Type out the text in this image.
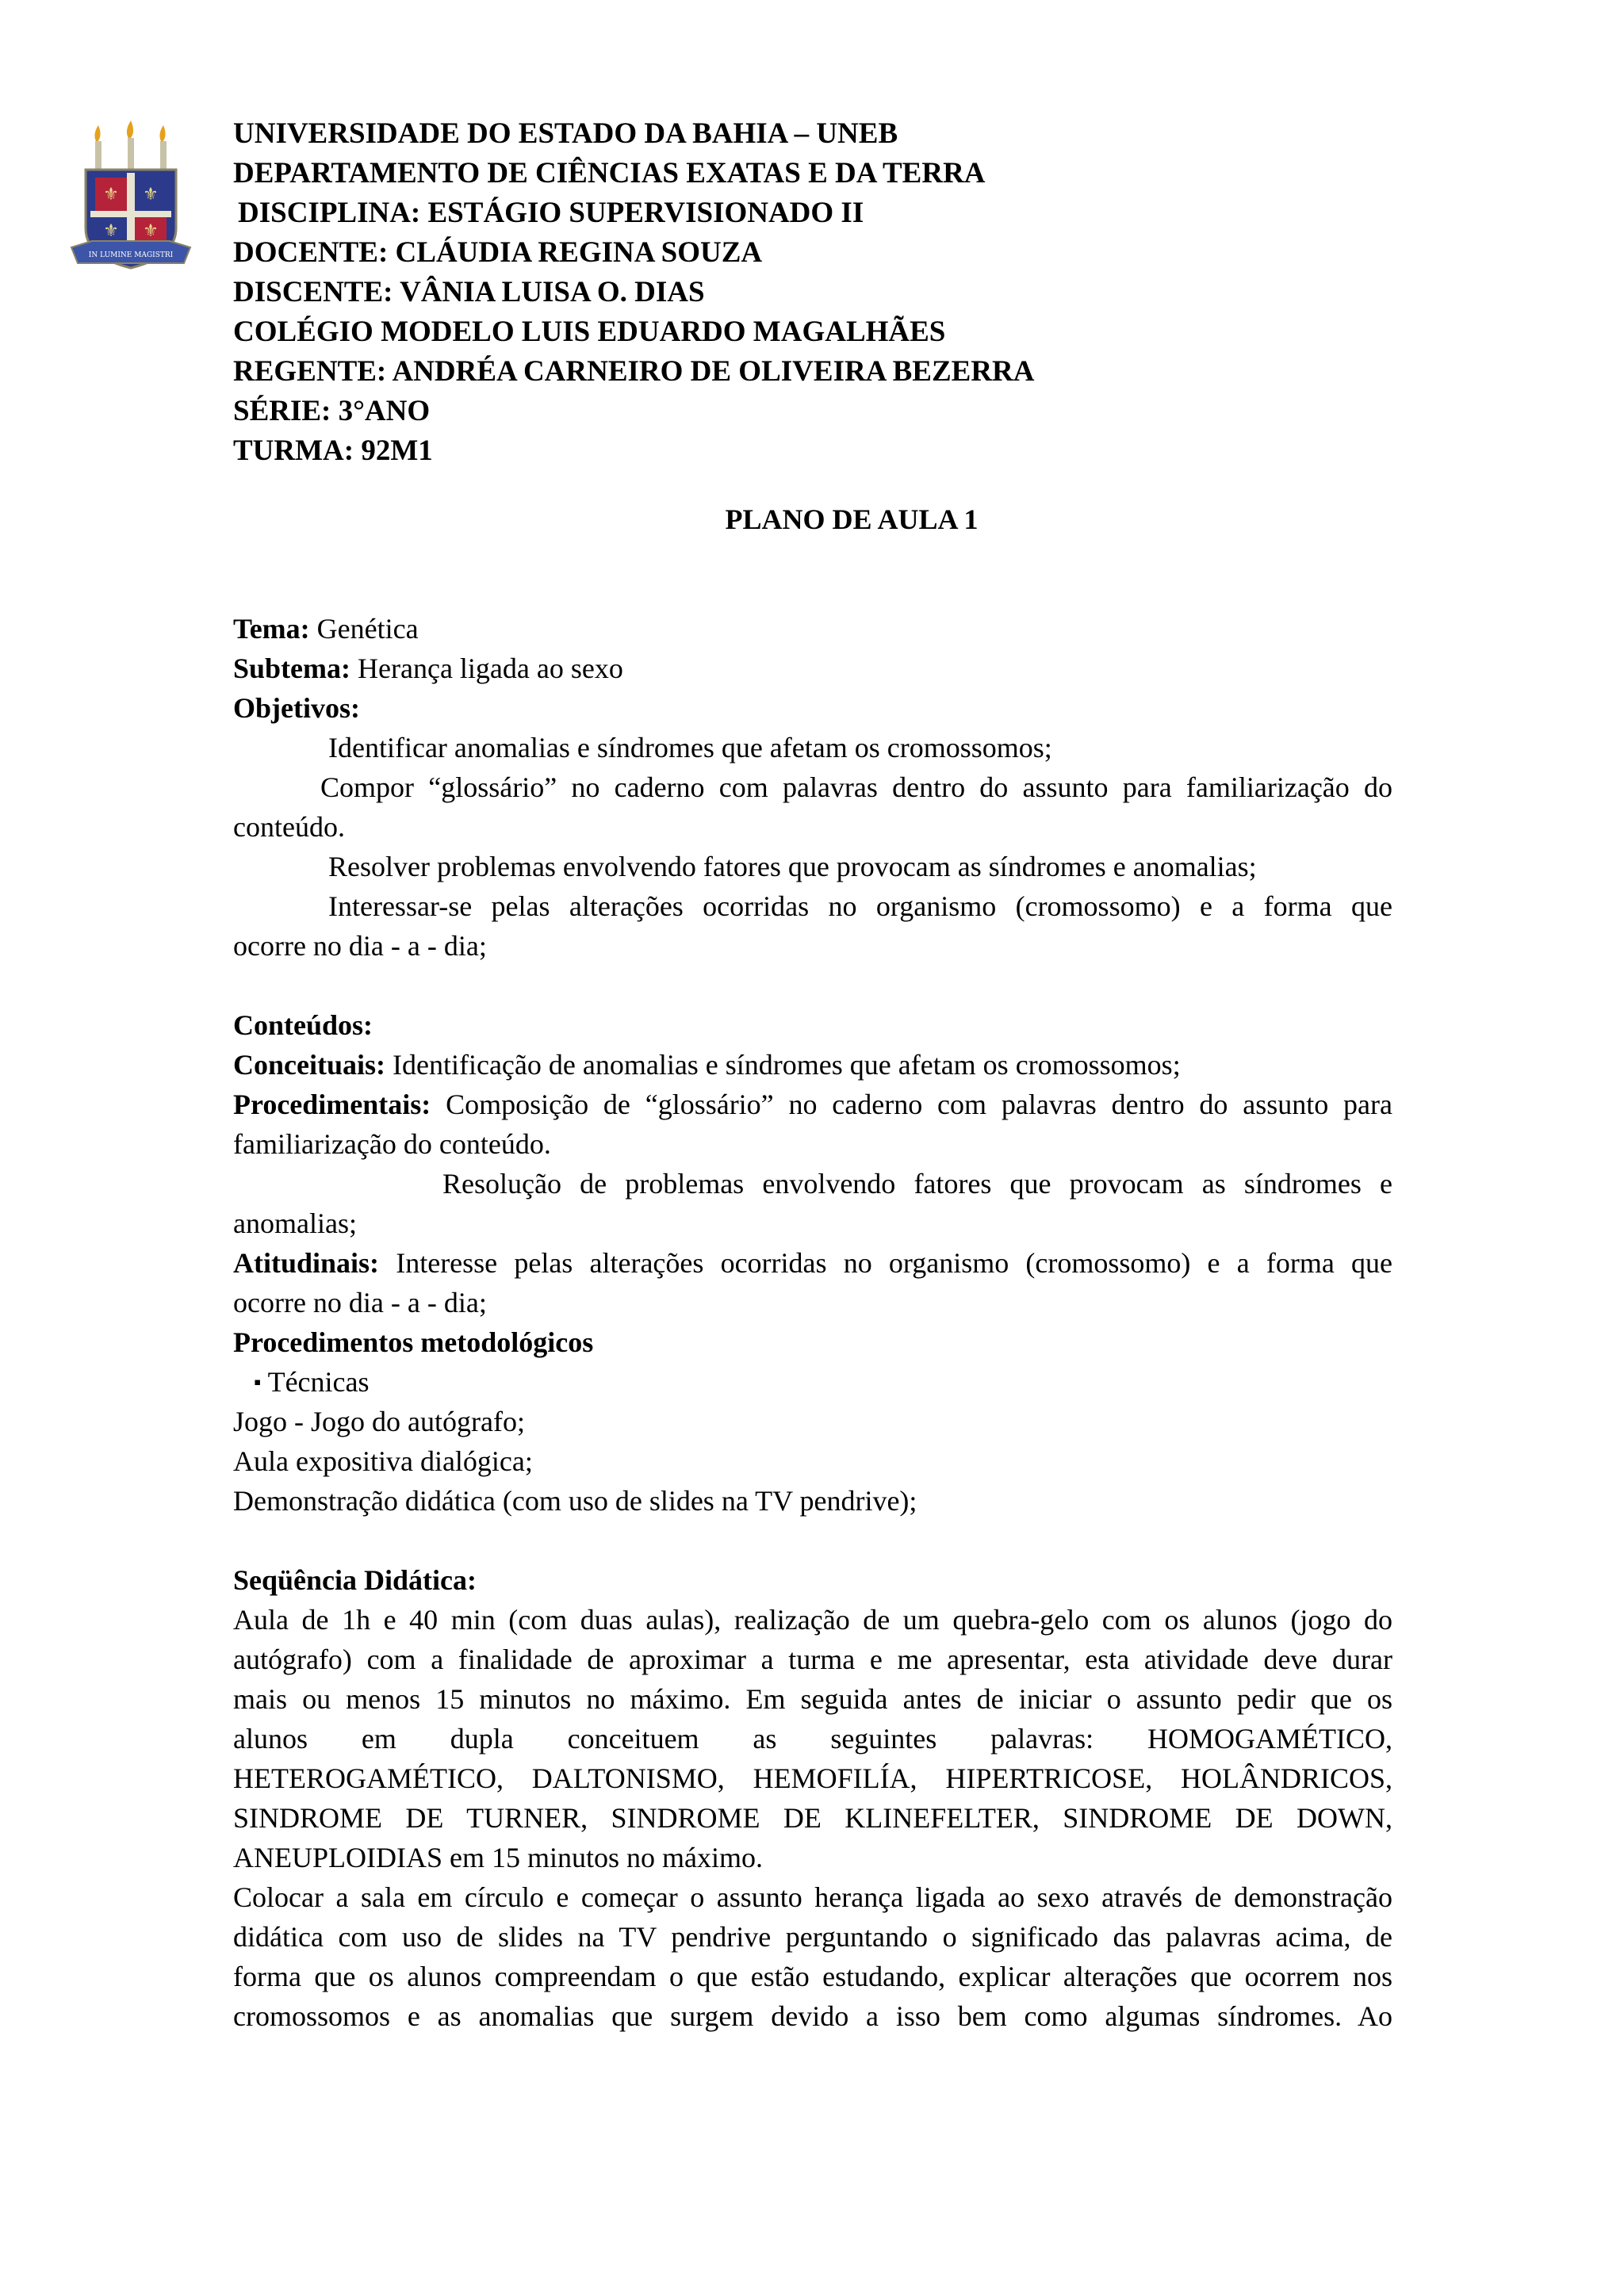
⚜ ⚜
⚜ ⚜
IN LUMINE MAGISTRI
UNIVERSIDADE DO ESTADO DA BAHIA – UNEB
DEPARTAMENTO DE CIÊNCIAS EXATAS E DA TERRA
DISCIPLINA: ESTÁGIO SUPERVISIONADO II
DOCENTE: CLÁUDIA REGINA SOUZA
DISCENTE: VÂNIA LUISA O. DIAS
COLÉGIO MODELO LUIS EDUARDO MAGALHÃES
REGENTE: ANDRÉA CARNEIRO DE OLIVEIRA BEZERRA
SÉRIE: 3°ANO
TURMA: 92M1
PLANO DE AULA 1
Tema: Genética
Subtema: Herança ligada ao sexo
Objetivos:
Identificar anomalias e síndromes que afetam os cromossomos;
Compor “glossário” no caderno com palavras dentro do assunto para familiarização do
conteúdo.
Resolver problemas envolvendo fatores que provocam as síndromes e anomalias;
Interessar-se pelas alterações ocorridas no organismo (cromossomo) e a forma que
ocorre no dia - a - dia;
Conteúdos:
Conceituais: Identificação de anomalias e síndromes que afetam os cromossomos;
Procedimentais: Composição de “glossário” no caderno com palavras dentro do assunto para
familiarização do conteúdo.
Resolução de problemas envolvendo fatores que provocam as síndromes e
anomalias;
Atitudinais: Interesse pelas alterações ocorridas no organismo (cromossomo) e a forma que
ocorre no dia - a - dia;
Procedimentos metodológicos
▪ Técnicas
Jogo - Jogo do autógrafo;
Aula expositiva dialógica;
Demonstração didática (com uso de slides na TV pendrive);
Seqüência Didática:
Aula de 1h e 40 min (com duas aulas), realização de um quebra-gelo com os alunos (jogo do
autógrafo) com a finalidade de aproximar a turma e me apresentar, esta atividade deve durar
mais ou menos 15 minutos no máximo. Em seguida antes de iniciar o assunto pedir que os
alunos em dupla conceituem as seguintes palavras: HOMOGAMÉTICO,
HETEROGAMÉTICO, DALTONISMO, HEMOFILÍA, HIPERTRICOSE, HOLÂNDRICOS,
SINDROME DE TURNER, SINDROME DE KLINEFELTER, SINDROME DE DOWN,
ANEUPLOIDIAS em 15 minutos no máximo.
Colocar a sala em círculo e começar o assunto herança ligada ao sexo através de demonstração
didática com uso de slides na TV pendrive perguntando o significado das palavras acima, de
forma que os alunos compreendam o que estão estudando, explicar alterações que ocorrem nos
cromossomos e as anomalias que surgem devido a isso bem como algumas síndromes. Ao
